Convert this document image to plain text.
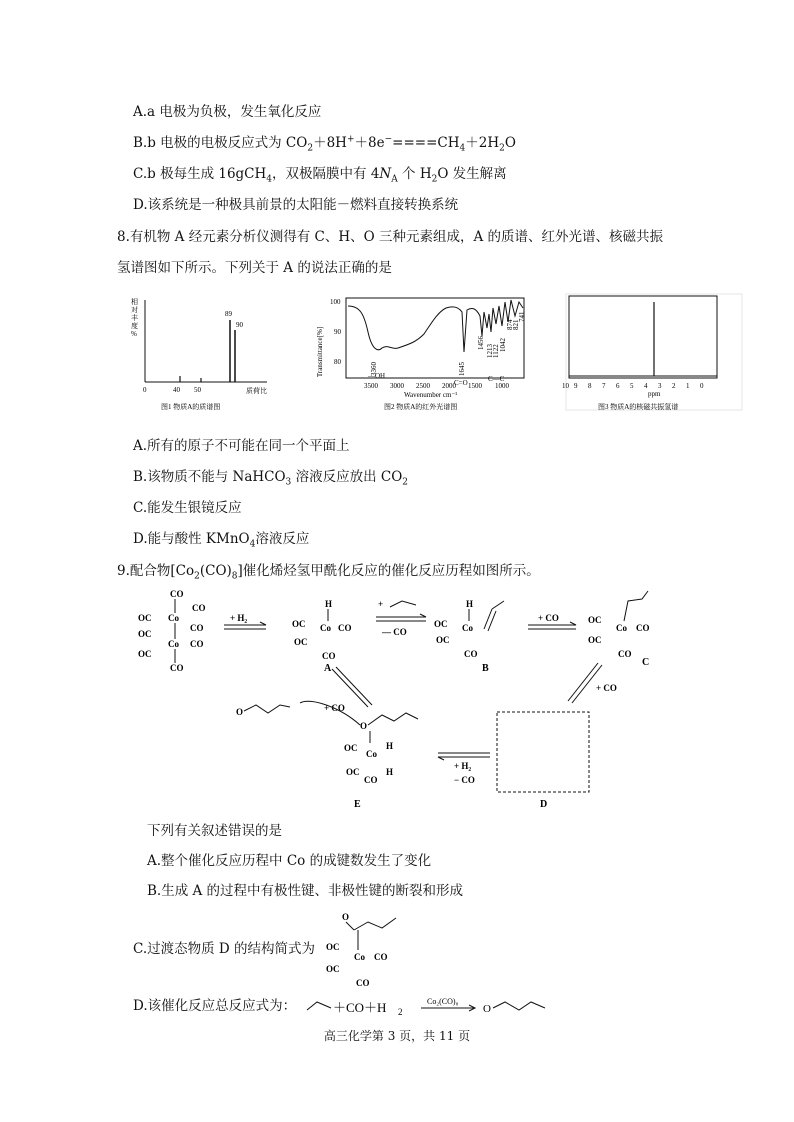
A.a 电极为负极，发生氧化反应
B.b 电极的电极反应式为 $CO_2+8H^++8e^-====CH_4+2H_2O$
C.b 极每生成 16gCH$_4$，双极隔膜中有 $4N_A$ 个 $H_2O$ 发生解离
D.该系统是一种极具前景的太阳能－燃料直接转换系统
8.有机物 A 经元素分析仪测得有 C、H、O 三种元素组成，A 的质谱、红外光谱、核磁共振
氢谱图如下所示。下列关于 A 的说法正确的是
相
对
丰
度
%
89
90
0	40 50	质荷比
图1 物质A的质谱图
Transmittance[%]
100
90
80	3360	1645
1456
1213
1122 1042
874
821
741
3500 3000 2500 2000 1500 1000
Wavenumber cm⁻¹
—OH
C=O	C—C
图2 物质A的红外光谱图
10 9 8 7 6 5 4 3 2 1 0
ppm
图3 物质A的核磁共振氢谱
A.所有的原子不可能在同一个平面上
B.该物质不能与 NaHCO$_3$ 溶液反应放出 $CO_2$
C.能发生银镜反应
D.能与酸性 KMnO$_4$溶液反应
9.配合物$[Co_2(CO)_8]$催化烯烃氢甲酰化反应的催化反应历程如图所示。
CO
OC Co
CO
CO
OC
Co CO
OC
CO
+ H₂
H
OC Co CO
OC
CO
A
+
— CO
H
OC Co
OC
CO
B
+ CO	OC
Co CO
OC
CO
C
+ CO
D
+ H₂
− CO
O	+ CO
O
OC
Co
H
OC	H
CO
E
下列有关叙述错误的是
A.整个催化反应历程中 Co 的成键数发生了变化
B.生成 A 的过程中有极性键、非极性键的断裂和形成
C.过渡态物质 D 的结构简式为
O
OC
Co CO
OC
CO
D.该催化反应总反应式为：	＋CO＋H 2
Co₂(CO)₈
O
高三化学第 3 页，共 11 页
